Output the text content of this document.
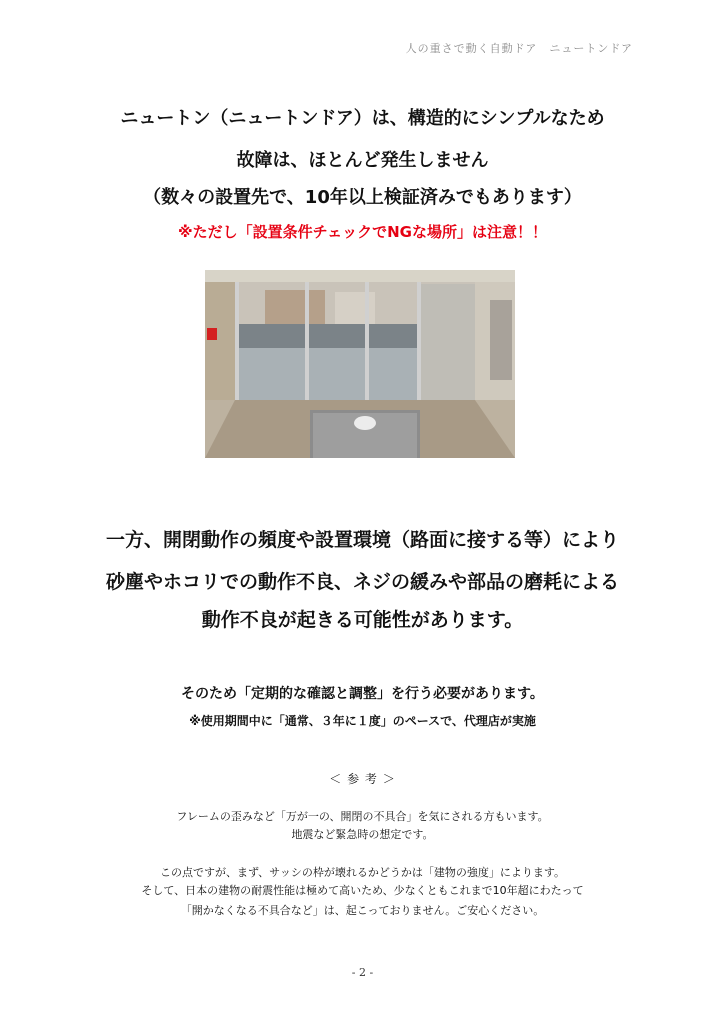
人の重さで動く自動ドア　ニュートンドア
ニュートン（ニュートンドア）は、構造的にシンプルなため
故障は、ほとんど発生しません
（数々の設置先で、10年以上検証済みでもあります）
※ただし「設置条件チェックでNGな場所」は注意！！
一方、開閉動作の頻度や設置環境（路面に接する等）により
砂塵やホコリでの動作不良、ネジの緩みや部品の磨耗による
動作不良が起きる可能性があります。
そのため「定期的な確認と調整」を行う必要があります。
※使用期間中に「通常、３年に１度」のペースで、代理店が実施
＜ 参 考 ＞
フレームの歪みなど「万が一の、開閉の不具合」を気にされる方もいます。
地震など緊急時の想定です。
この点ですが、まず、サッシの枠が壊れるかどうかは「建物の強度」によります。
そして、日本の建物の耐震性能は極めて高いため、少なくともこれまで10年超にわたって
「開かなくなる不具合など」は、起こっておりません。ご安心ください。
- 2 -
